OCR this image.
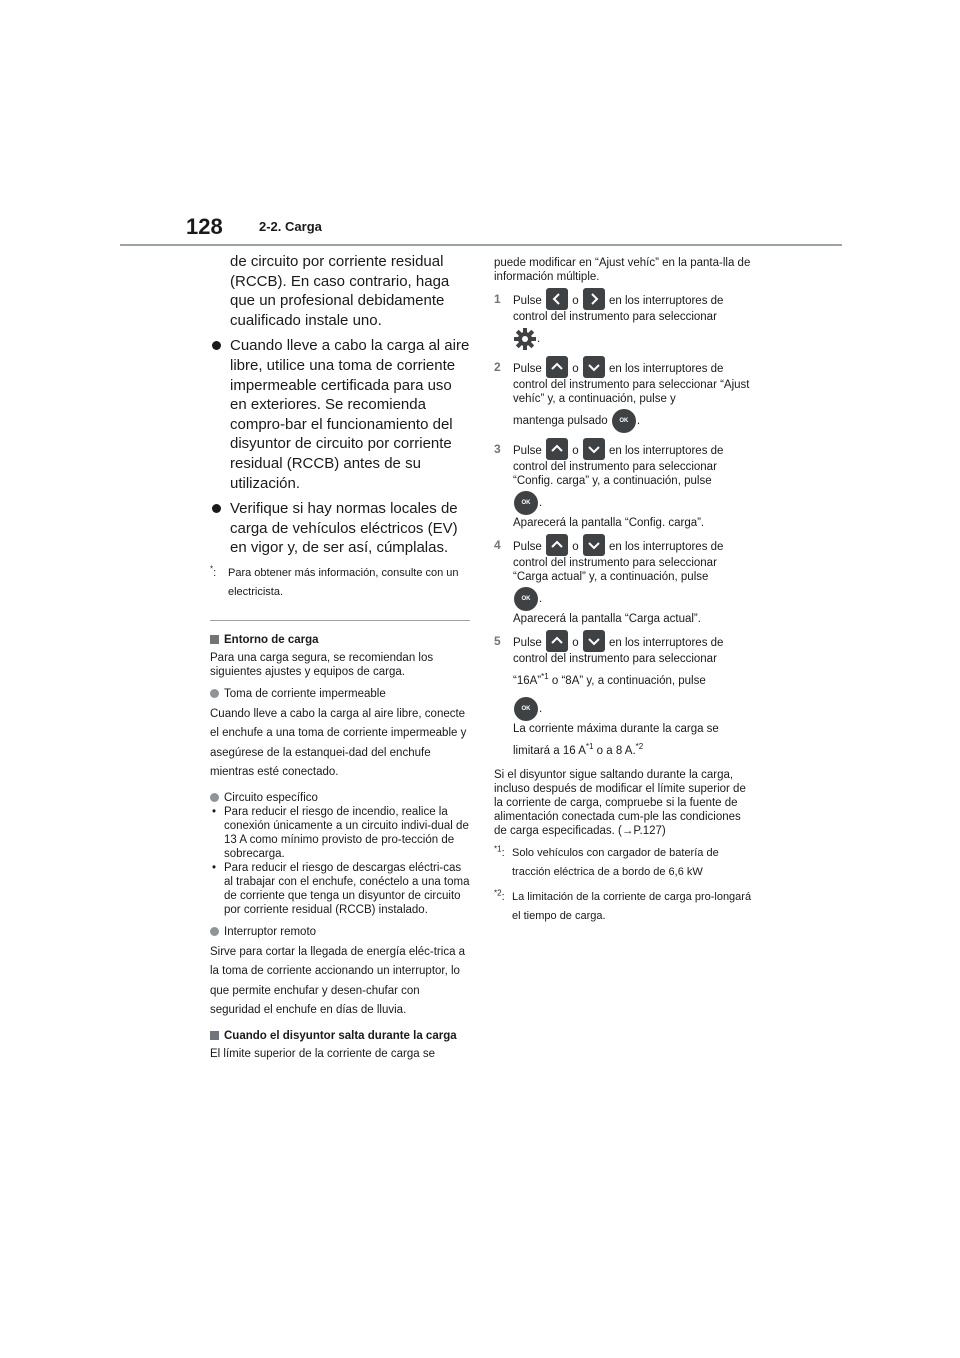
128	2-2. Carga

de circuito por corriente residual (RCCB). En caso contrario, haga que un profesional debidamente cualificado instale uno.

Cuando lleve a cabo la carga al aire libre, utilice una toma de corriente impermeable certificada para uso en exteriores. Se recomienda compro-bar el funcionamiento del disyuntor de circuito por corriente residual (RCCB) antes de su utilización.
Verifique si hay normas locales de carga de vehículos eléctricos (EV) en vigor y, de ser así, cúmplalas.
*: Para obtener más información, consulte con un electricista.
Entorno de carga

Para una carga segura, se recomiendan los siguientes ajustes y equipos de carga.

Toma de corriente impermeable

Cuando lleve a cabo la carga al aire libre, conecte el enchufe a una toma de corriente impermeable y asegúrese de la estanquei-dad del enchufe mientras esté conectado.

Circuito específico
• Para reducir el riesgo de incendio, realice la conexión únicamente a un circuito indivi-dual de 13 A como mínimo provisto de pro-tección de sobrecarga.
• Para reducir el riesgo de descargas eléctri-cas al trabajar con el enchufe, conéctelo a una toma de corriente que tenga un disyuntor de circuito por corriente residual (RCCB) instalado.
Interruptor remoto

Sirve para cortar la llegada de energía eléc-trica a la toma de corriente accionando un interruptor, lo que permite enchufar y desen-chufar con seguridad el enchufe en días de lluvia.

Cuando el disyuntor salta durante la carga

El límite superior de la corriente de carga se

puede modificar en “Ajust vehíc” en la panta-lla de información múltiple.

1 Pulse	o	en los interruptores de control del instrumento para seleccionar
.
2 Pulse	o	en los interruptores de control del instrumento para seleccionar “Ajust vehíc” y, a continuación, pulse y
mantenga pulsado OK .
3 Pulse	o	en los interruptores de control del instrumento para seleccionar “Config. carga” y, a continuación, pulse
OK .
Aparecerá la pantalla “Config. carga”.
4 Pulse	o	en los interruptores de control del instrumento para seleccionar “Carga actual” y, a continuación, pulse
OK .
Aparecerá la pantalla “Carga actual”.
5 Pulse	o	en los interruptores de control del instrumento para seleccionar
“16A”$^{*1}$ o “8A” y, a continuación, pulse
OK .
La corriente máxima durante la carga se
limitará a 16 $A^{*1}$ o a 8 A.$^{*2}$

Si el disyuntor sigue saltando durante la carga, incluso después de modificar el límite superior de la corriente de carga, compruebe si la fuente de alimentación conectada cum-ple las condiciones de carga especificadas. (→P.127)

$^{*1}$: Solo vehículos con cargador de batería de tracción eléctrica de a bordo de 6,6 kW
$^{*2}$: La limitación de la corriente de carga pro-longará el tiempo de carga.
